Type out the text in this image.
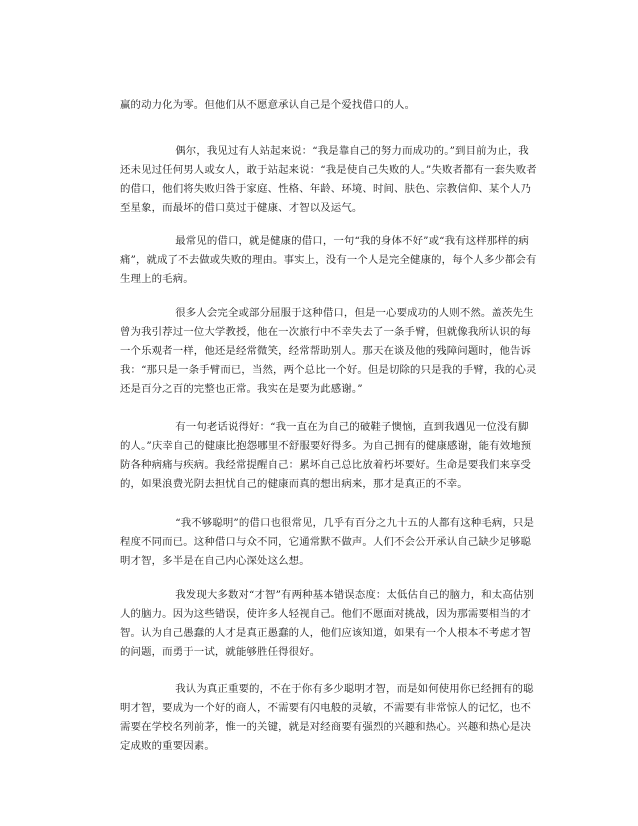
赢的动力化为零。但他们从不愿意承认自己是个爱找借口的人。

偶尔，我见过有人站起来说：“我是靠自己的努力而成功的。”到目前为止，我还未见过任何男人或女人，敢于站起来说：“我是使自己失败的人。”失败者都有一套失败者的借口，他们将失败归咎于家庭、性格、年龄、环境、时间、肤色、宗教信仰、某个人乃至星象，而最坏的借口莫过于健康、才智以及运气。

最常见的借口，就是健康的借口，一句“我的身体不好”或“我有这样那样的病痛”，就成了不去做或失败的理由。事实上，没有一个人是完全健康的，每个人多少都会有生理上的毛病。

很多人会完全或部分屈服于这种借口，但是一心要成功的人则不然。盖茨先生曾为我引荐过一位大学教授，他在一次旅行中不幸失去了一条手臂，但就像我所认识的每一个乐观者一样，他还是经常微笑，经常帮助别人。那天在谈及他的残障问题时，他告诉我：“那只是一条手臂而已，当然，两个总比一个好。但是切除的只是我的手臂，我的心灵还是百分之百的完整也正常。我实在是要为此感谢。”

有一句老话说得好：“我一直在为自己的破鞋子懊恼，直到我遇见一位没有脚的人。”庆幸自己的健康比抱怨哪里不舒服要好得多。为自己拥有的健康感谢，能有效地预防各种病痛与疾病。我经常提醒自己：累坏自己总比放着朽坏要好。生命是要我们来享受的，如果浪费光阴去担忧自己的健康而真的想出病来，那才是真正的不幸。

“我不够聪明”的借口也很常见，几乎有百分之九十五的人都有这种毛病，只是程度不同而已。这种借口与众不同，它通常默不做声。人们不会公开承认自己缺少足够聪明才智，多半是在自己内心深处这么想。

我发现大多数对“才智”有两种基本错误态度：太低估自己的脑力，和太高估别人的脑力。因为这些错误，使许多人轻视自己。他们不愿面对挑战，因为那需要相当的才智。认为自己愚蠢的人才是真正愚蠢的人，他们应该知道，如果有一个人根本不考虑才智的问题，而勇于一试，就能够胜任得很好。

我认为真正重要的，不在于你有多少聪明才智，而是如何使用你已经拥有的聪明才智，要成为一个好的商人，不需要有闪电般的灵敏，不需要有非常惊人的记忆，也不需要在学校名列前茅，惟一的关键，就是对经商要有强烈的兴趣和热心。兴趣和热心是决定成败的重要因素。
